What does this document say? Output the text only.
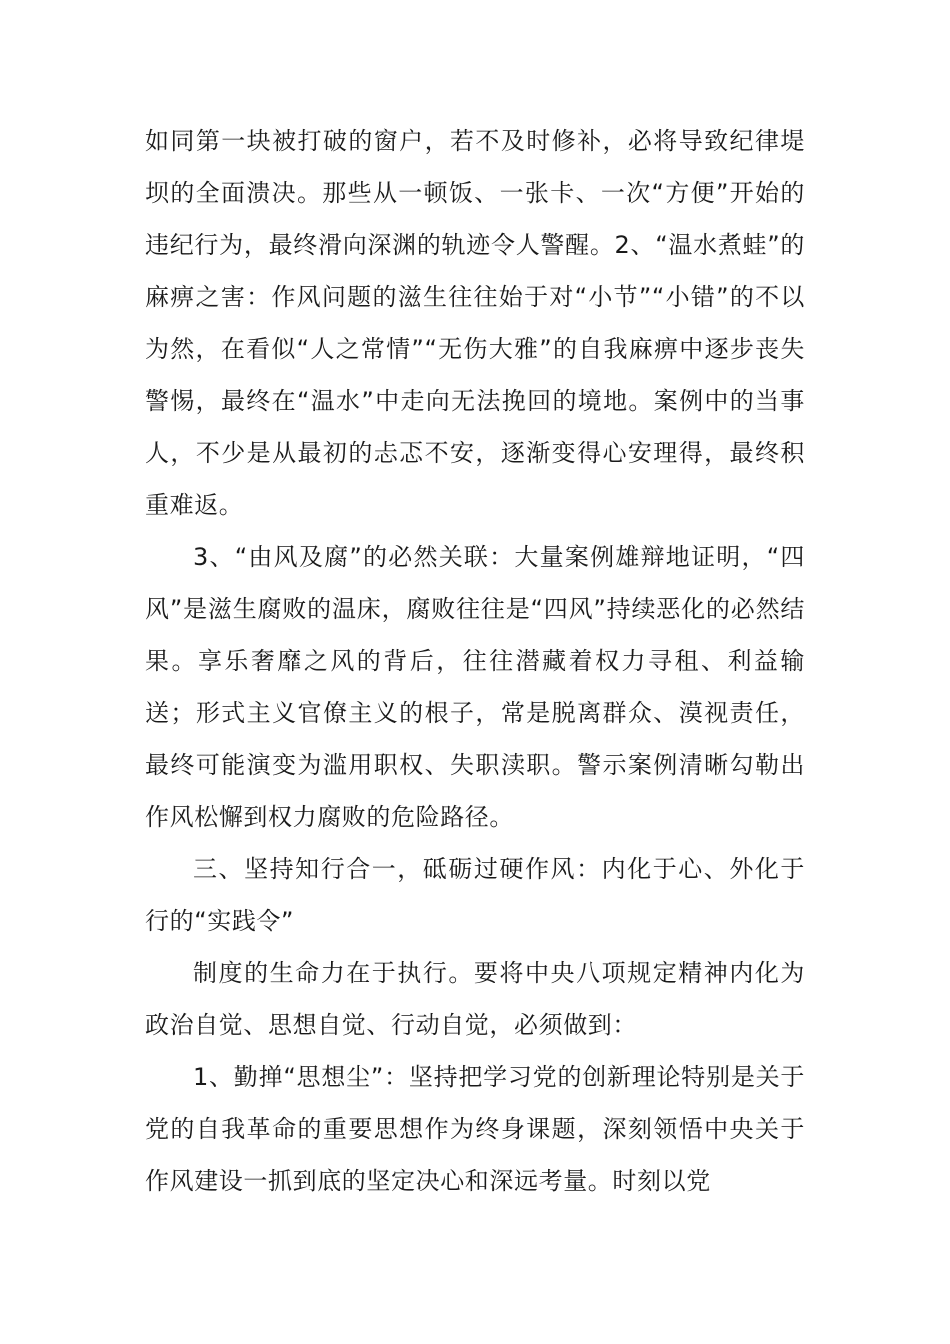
如同第一块被打破的窗户，若不及时修补，必将导致纪律堤坝的全面溃决。那些从一顿饭、一张卡、一次“方便”开始的违纪行为，最终滑向深渊的轨迹令人警醒。2、“温水煮蛙”的麻痹之害：作风问题的滋生往往始于对“小节”“小错”的不以为然，在看似“人之常情”“无伤大雅”的自我麻痹中逐步丧失警惕，最终在“温水”中走向无法挽回的境地。案例中的当事人，不少是从最初的忐忑不安，逐渐变得心安理得，最终积重难返。

3、“由风及腐”的必然关联：大量案例雄辩地证明，“四风”是滋生腐败的温床，腐败往往是“四风”持续恶化的必然结果。享乐奢靡之风的背后，往往潜藏着权力寻租、利益输送；形式主义官僚主义的根子，常是脱离群众、漠视责任，最终可能演变为滥用职权、失职渎职。警示案例清晰勾勒出作风松懈到权力腐败的危险路径。

三、坚持知行合一，砥砺过硬作风：内化于心、外化于行的“实践令”

制度的生命力在于执行。要将中央八项规定精神内化为政治自觉、思想自觉、行动自觉，必须做到：

1、勤掸“思想尘”：坚持把学习党的创新理论特别是关于党的自我革命的重要思想作为终身课题，深刻领悟中央关于作风建设一抓到底的坚定决心和深远考量。时刻以党
